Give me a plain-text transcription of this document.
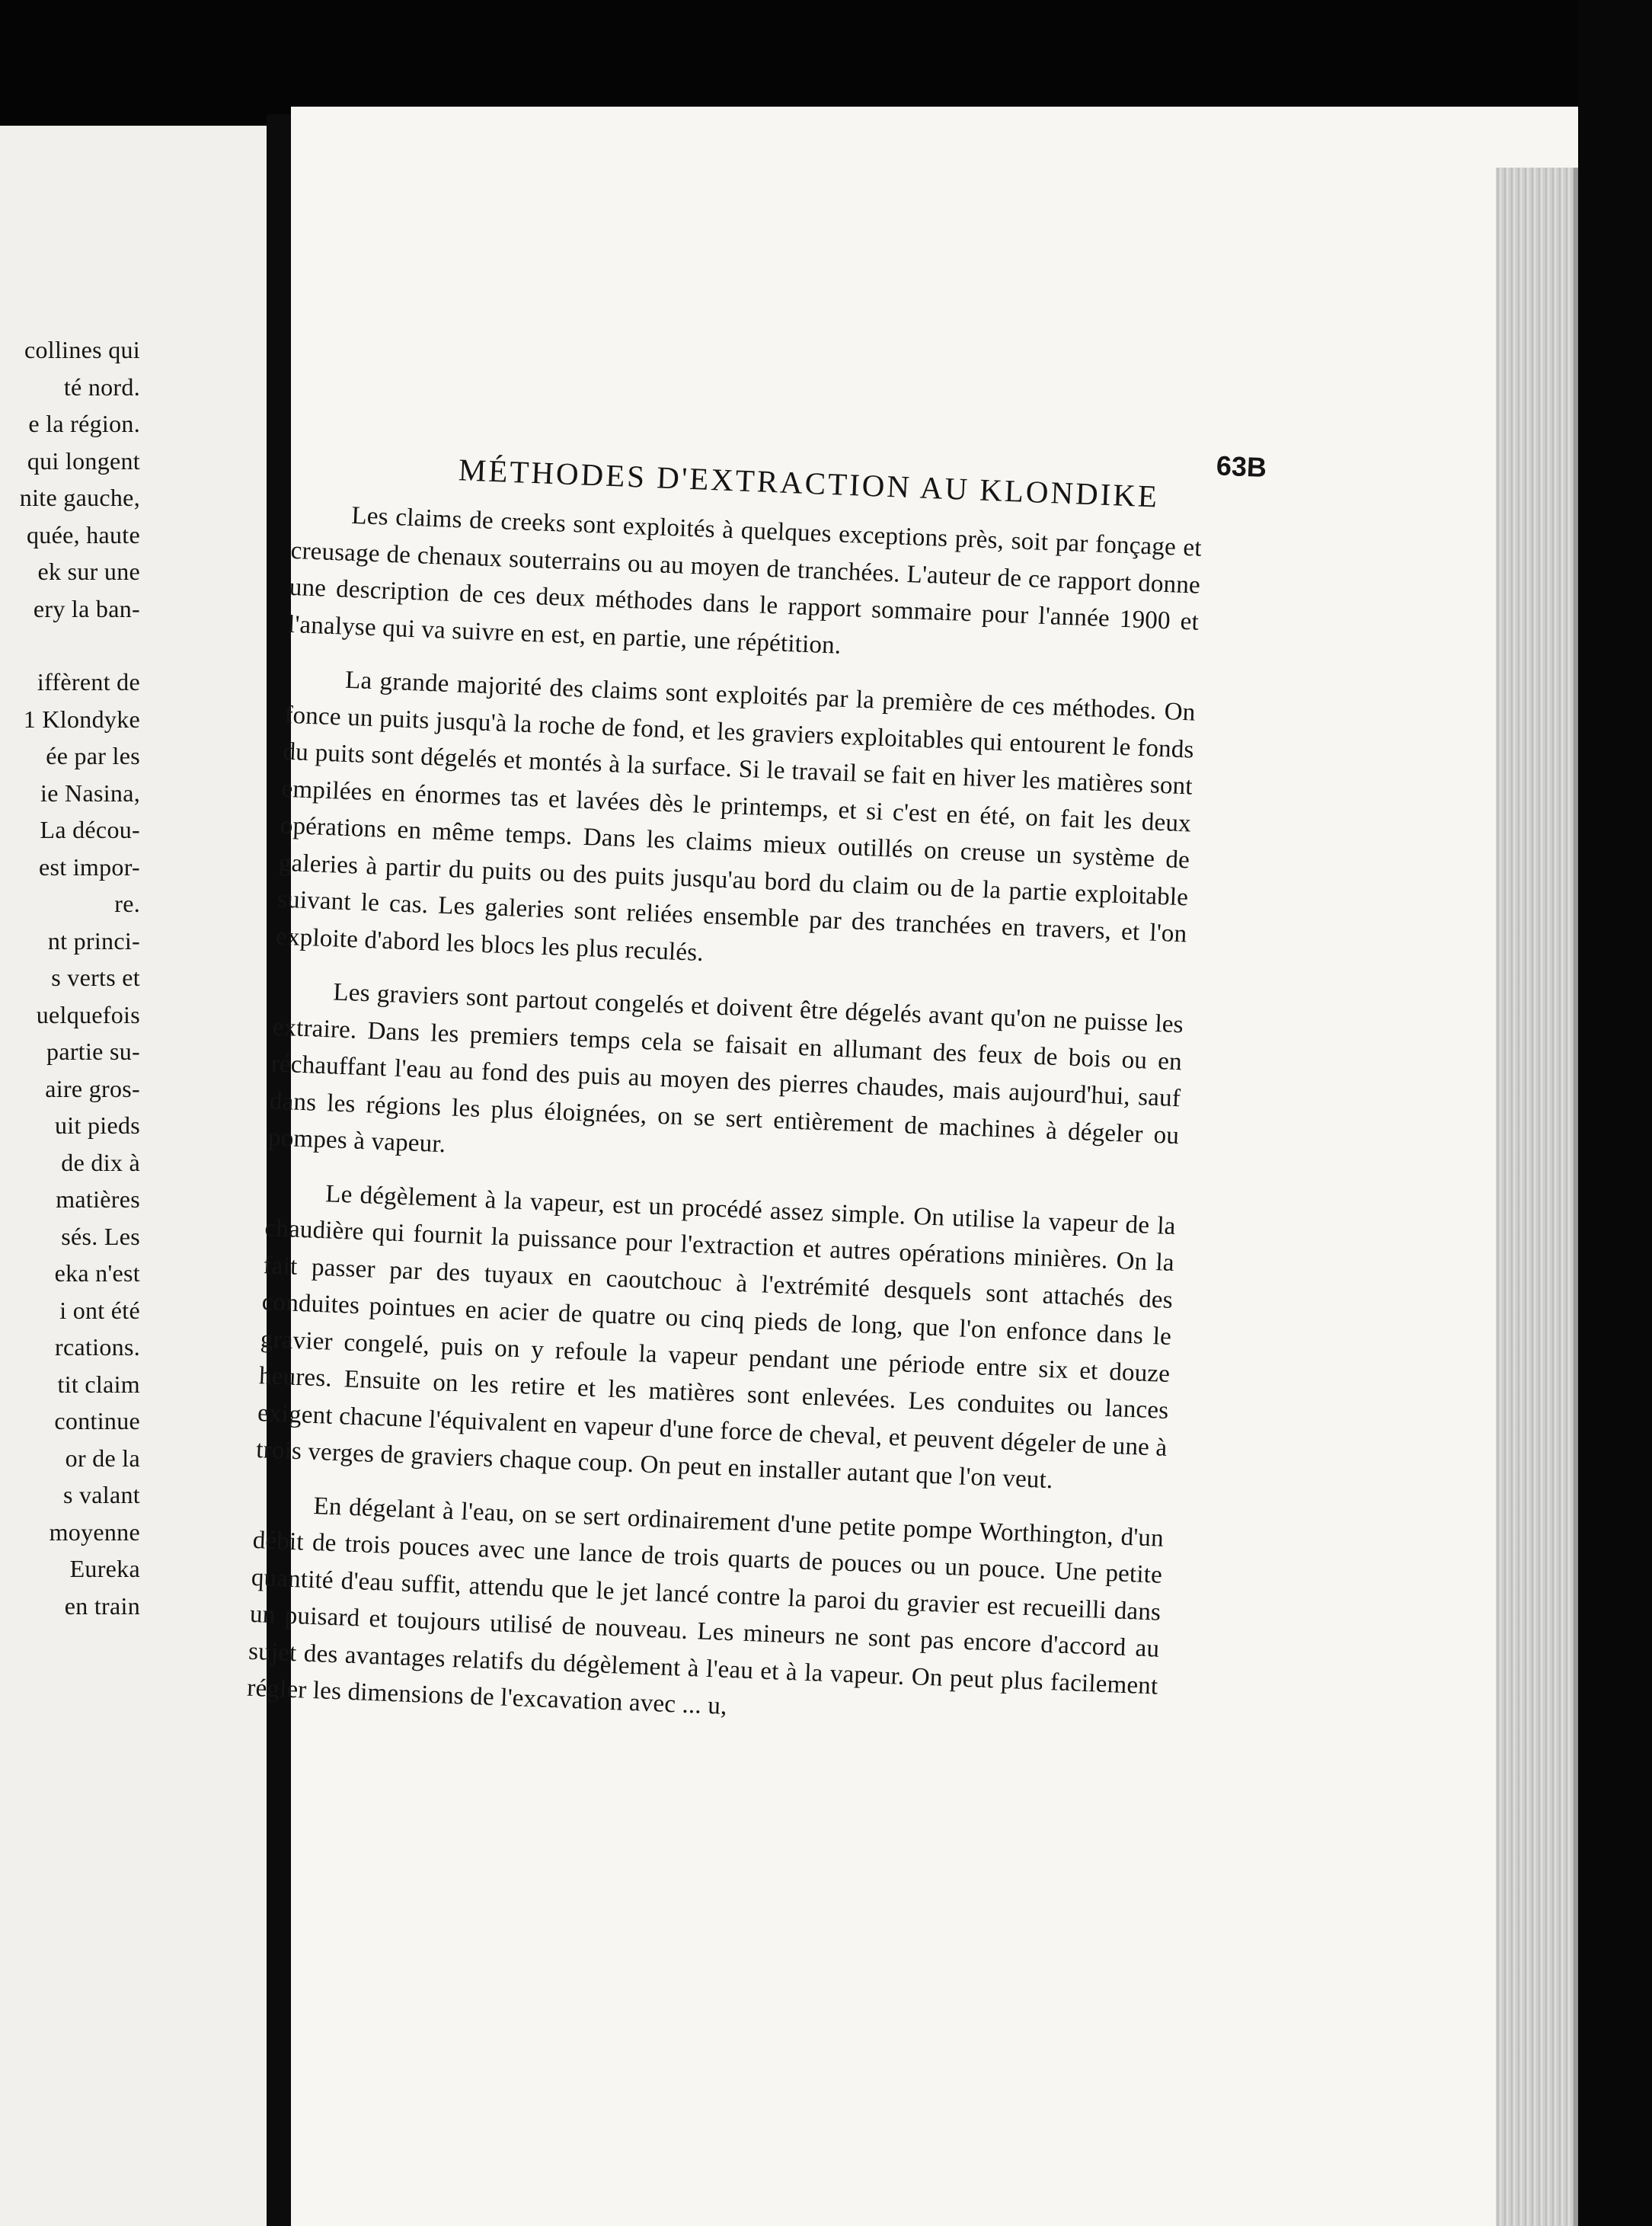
collines qui
té nord.
e la région.
qui longent
nite gauche,
quée, haute
ek sur une
ery la ban-
iffèrent de
1 Klondyke
ée par les
ie Nasina,
La décou-
est impor-
re.
nt princi-
s verts et
uelquefois
partie su-
aire gros-
uit pieds
de dix à
matières
sés. Les
eka n'est
i ont été
rcations.
tit claim
continue
or de la
s valant
moyenne
Eureka
en train
63B
MÉTHODES D'EXTRACTION AU KLONDIKE

Les claims de creeks sont exploités à quelques exceptions près, soit par fonçage et creusage de chenaux souterrains ou au moyen de tranchées. L'auteur de ce rapport donne une description de ces deux méthodes dans le rapport sommaire pour l'année 1900 et l'analyse qui va suivre en est, en partie, une répétition.

La grande majorité des claims sont exploités par la première de ces méthodes. On fonce un puits jusqu'à la roche de fond, et les graviers exploitables qui entourent le fonds du puits sont dégelés et montés à la surface. Si le travail se fait en hiver les matières sont empilées en énormes tas et lavées dès le printemps, et si c'est en été, on fait les deux opérations en même temps. Dans les claims mieux outillés on creuse un système de galeries à partir du puits ou des puits jusqu'au bord du claim ou de la partie exploitable suivant le cas. Les galeries sont reliées ensemble par des tranchées en travers, et l'on exploite d'abord les blocs les plus reculés.

Les graviers sont partout congelés et doivent être dégelés avant qu'on ne puisse les extraire. Dans les premiers temps cela se faisait en allumant des feux de bois ou en réchauffant l'eau au fond des puis au moyen des pierres chaudes, mais aujourd'hui, sauf dans les régions les plus éloignées, on se sert entièrement de machines à dégeler ou pompes à vapeur.

Le dégèlement à la vapeur, est un procédé assez simple. On utilise la vapeur de la chaudière qui fournit la puissance pour l'extraction et autres opérations minières. On la fait passer par des tuyaux en caoutchouc à l'extrémité desquels sont attachés des conduites pointues en acier de quatre ou cinq pieds de long, que l'on enfonce dans le gravier congelé, puis on y refoule la vapeur pendant une période entre six et douze heures. Ensuite on les retire et les matières sont enlevées. Les conduites ou lances exigent chacune l'équivalent en vapeur d'une force de cheval, et peuvent dégeler de une à trois verges de graviers chaque coup. On peut en installer autant que l'on veut.

En dégelant à l'eau, on se sert ordinairement d'une petite pompe Worthington, d'un débit de trois pouces avec une lance de trois quarts de pouces ou un pouce. Une petite quantité d'eau suffit, attendu que le jet lancé contre la paroi du gravier est recueilli dans un puisard et toujours utilisé de nouveau. Les mineurs ne sont pas encore d'accord au sujet des avantages relatifs du dégèlement à l'eau et à la vapeur. On peut plus facilement régler les dimensions de l'excavation avec ... u,
